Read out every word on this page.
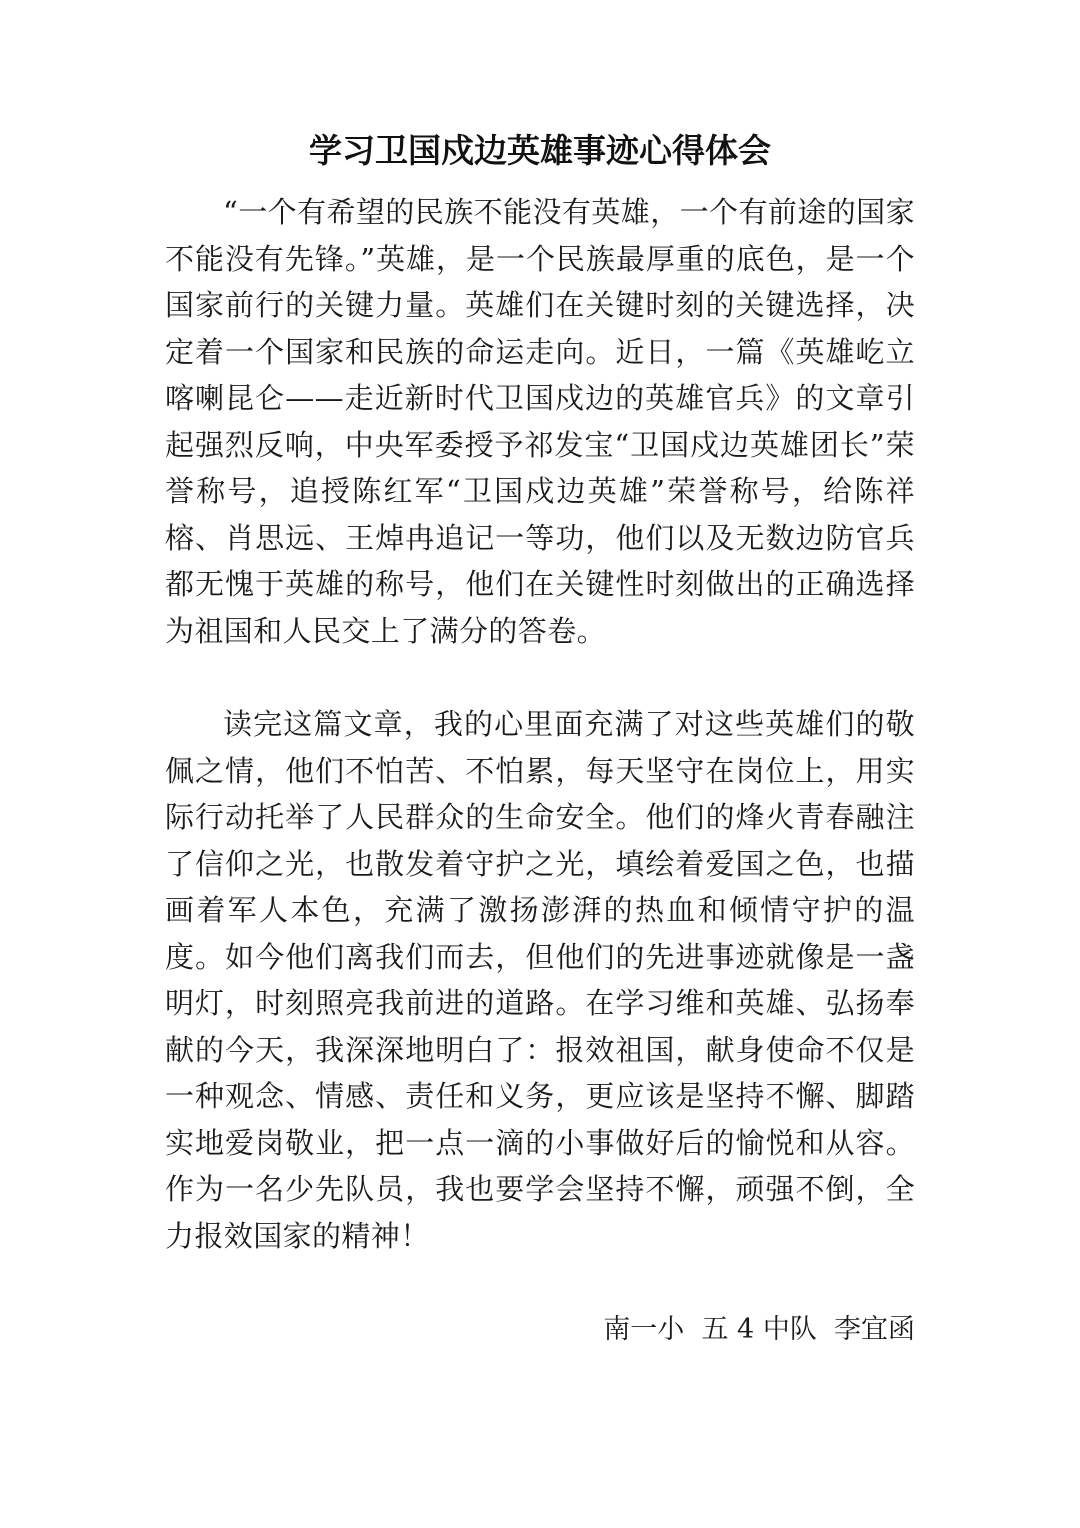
学习卫国戍边英雄事迹心得体会

“一个有希望的民族不能没有英雄，一个有前途的国家不能没有先锋。”英雄，是一个民族最厚重的底色，是一个国家前行的关键力量。英雄们在关键时刻的关键选择，决定着一个国家和民族的命运走向。近日，一篇《英雄屹立喀喇昆仑——走近新时代卫国戍边的英雄官兵》的文章引起强烈反响，中央军委授予祁发宝“卫国戍边英雄团长”荣誉称号，追授陈红军“卫国戍边英雄”荣誉称号，给陈祥榕、肖思远、王焯冉追记一等功，他们以及无数边防官兵都无愧于英雄的称号，他们在关键性时刻做出的正确选择为祖国和人民交上了满分的答卷。

读完这篇文章，我的心里面充满了对这些英雄们的敬佩之情，他们不怕苦、不怕累，每天坚守在岗位上，用实际行动托举了人民群众的生命安全。他们的烽火青春融注了信仰之光，也散发着守护之光，填绘着爱国之色，也描画着军人本色，充满了激扬澎湃的热血和倾情守护的温度。如今他们离我们而去，但他们的先进事迹就像是一盏明灯，时刻照亮我前进的道路。在学习维和英雄、弘扬奉献的今天，我深深地明白了：报效祖国，献身使命不仅是一种观念、情感、责任和义务，更应该是坚持不懈、脚踏实地爱岗敬业，把一点一滴的小事做好后的愉悦和从容。作为一名少先队员，我也要学会坚持不懈，顽强不倒，全力报效国家的精神！

南一小  五 4 中队  李宜函
